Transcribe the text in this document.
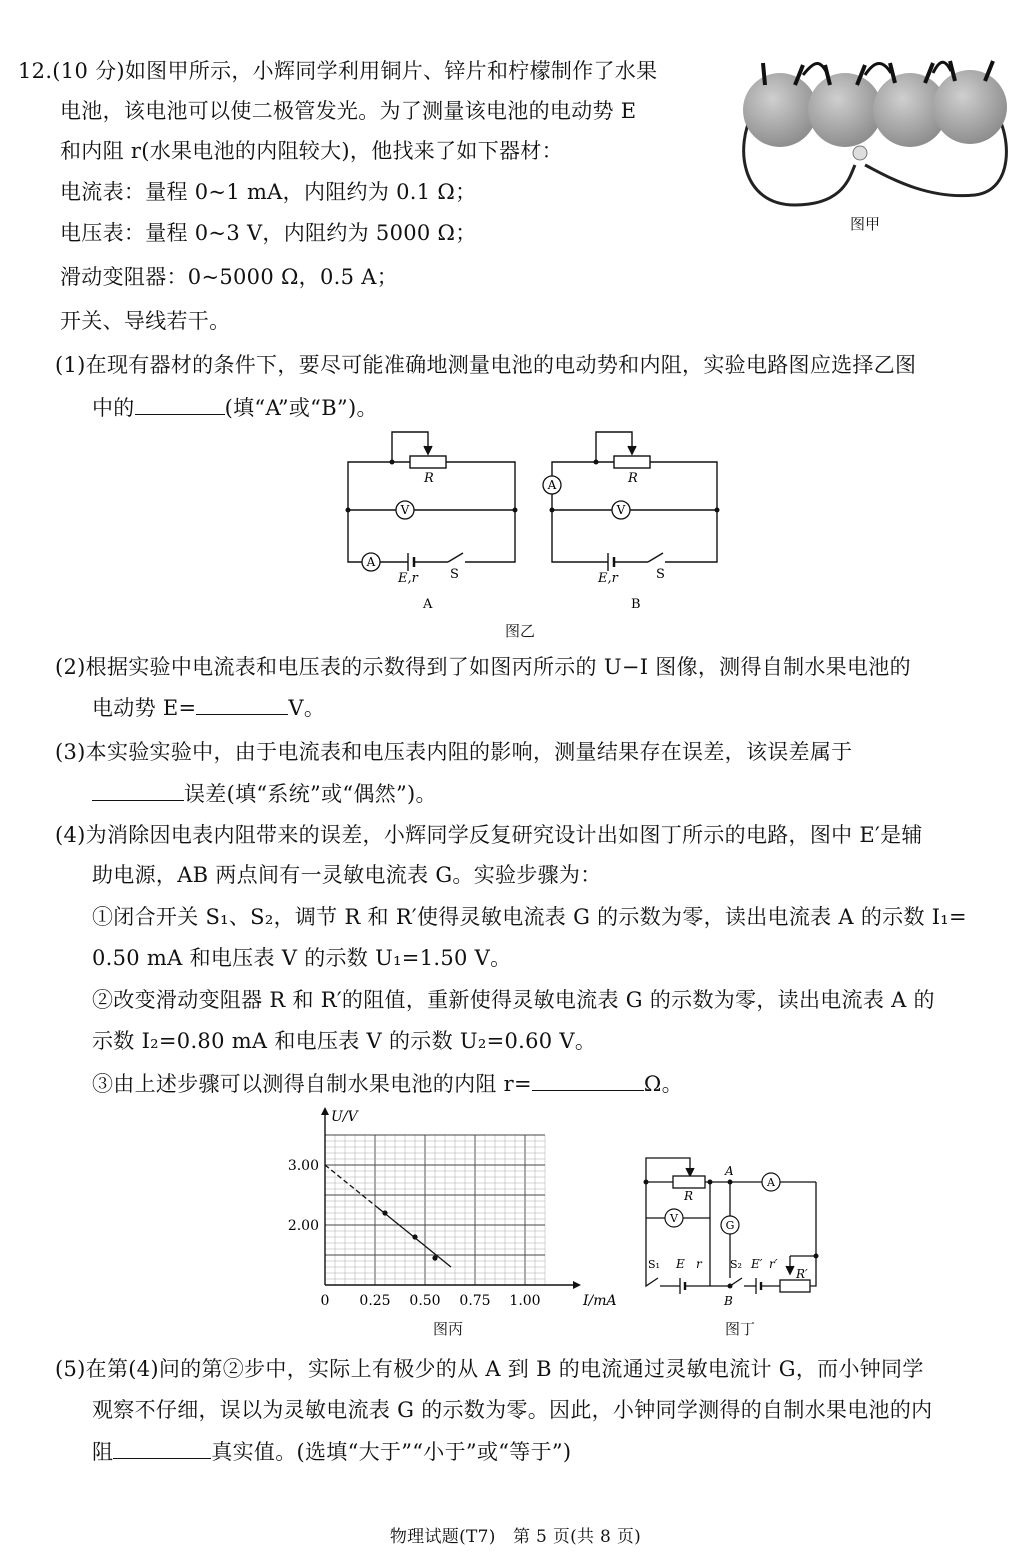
12.(10 分)如图甲所示，小辉同学利用铜片、锌片和柠檬制作了水果
电池，该电池可以使二极管发光。为了测量该电池的电动势 E
和内阻 r(水果电池的内阻较大)，他找来了如下器材：
电流表：量程 0~1 mA，内阻约为 0.1 Ω；
电压表：量程 0~3 V，内阻约为 5000 Ω；
滑动变阻器：0~5000 Ω，0.5 A；
开关、导线若干。
(1)在现有器材的条件下，要尽可能准确地测量电池的电动势和内阻，实验电路图应选择乙图
中的	(填“A”或“B”)。
(2)根据实验中电流表和电压表的示数得到了如图丙所示的 U−I 图像，测得自制水果电池的
电动势 E=	V。
(3)本实验实验中，由于电流表和电压表内阻的影响，测量结果存在误差，该误差属于
误差(填“系统”或“偶然”)。
(4)为消除因电表内阻带来的误差，小辉同学反复研究设计出如图丁所示的电路，图中 E′是辅
助电源，AB 两点间有一灵敏电流表 G。实验步骤为：
①闭合开关 S₁、S₂，调节 R 和 R′使得灵敏电流表 G 的示数为零，读出电流表 A 的示数 I₁=
0.50 mA 和电压表 V 的示数 U₁=1.50 V。
②改变滑动变阻器 R 和 R′的阻值，重新使得灵敏电流表 G 的示数为零，读出电流表 A 的
示数 I₂=0.80 mA 和电压表 V 的示数 U₂=0.60 V。
③由上述步骤可以测得自制水果电池的内阻 r=	Ω。
(5)在第(4)问的第②步中，实际上有极少的从 A 到 B 的电流通过灵敏电流计 G，而小钟同学
观察不仔细，误以为灵敏电流表 G 的示数为零。因此，小钟同学测得的自制水果电池的内
阻	真实值。(选填“大于”“小于”或“等于”)
图甲
V
A
V
A
R	R
E,r	E,r
S	S
A	B
图乙
0 0.25 0.50 0.75 1.00
2.00
3.00
I/mA
U/V
图丙
A
V
G
R
A
B
E r	E′ r′
R′
S₁	S₂
图丁
物理试题(T7)　第 5 页(共 8 页)
